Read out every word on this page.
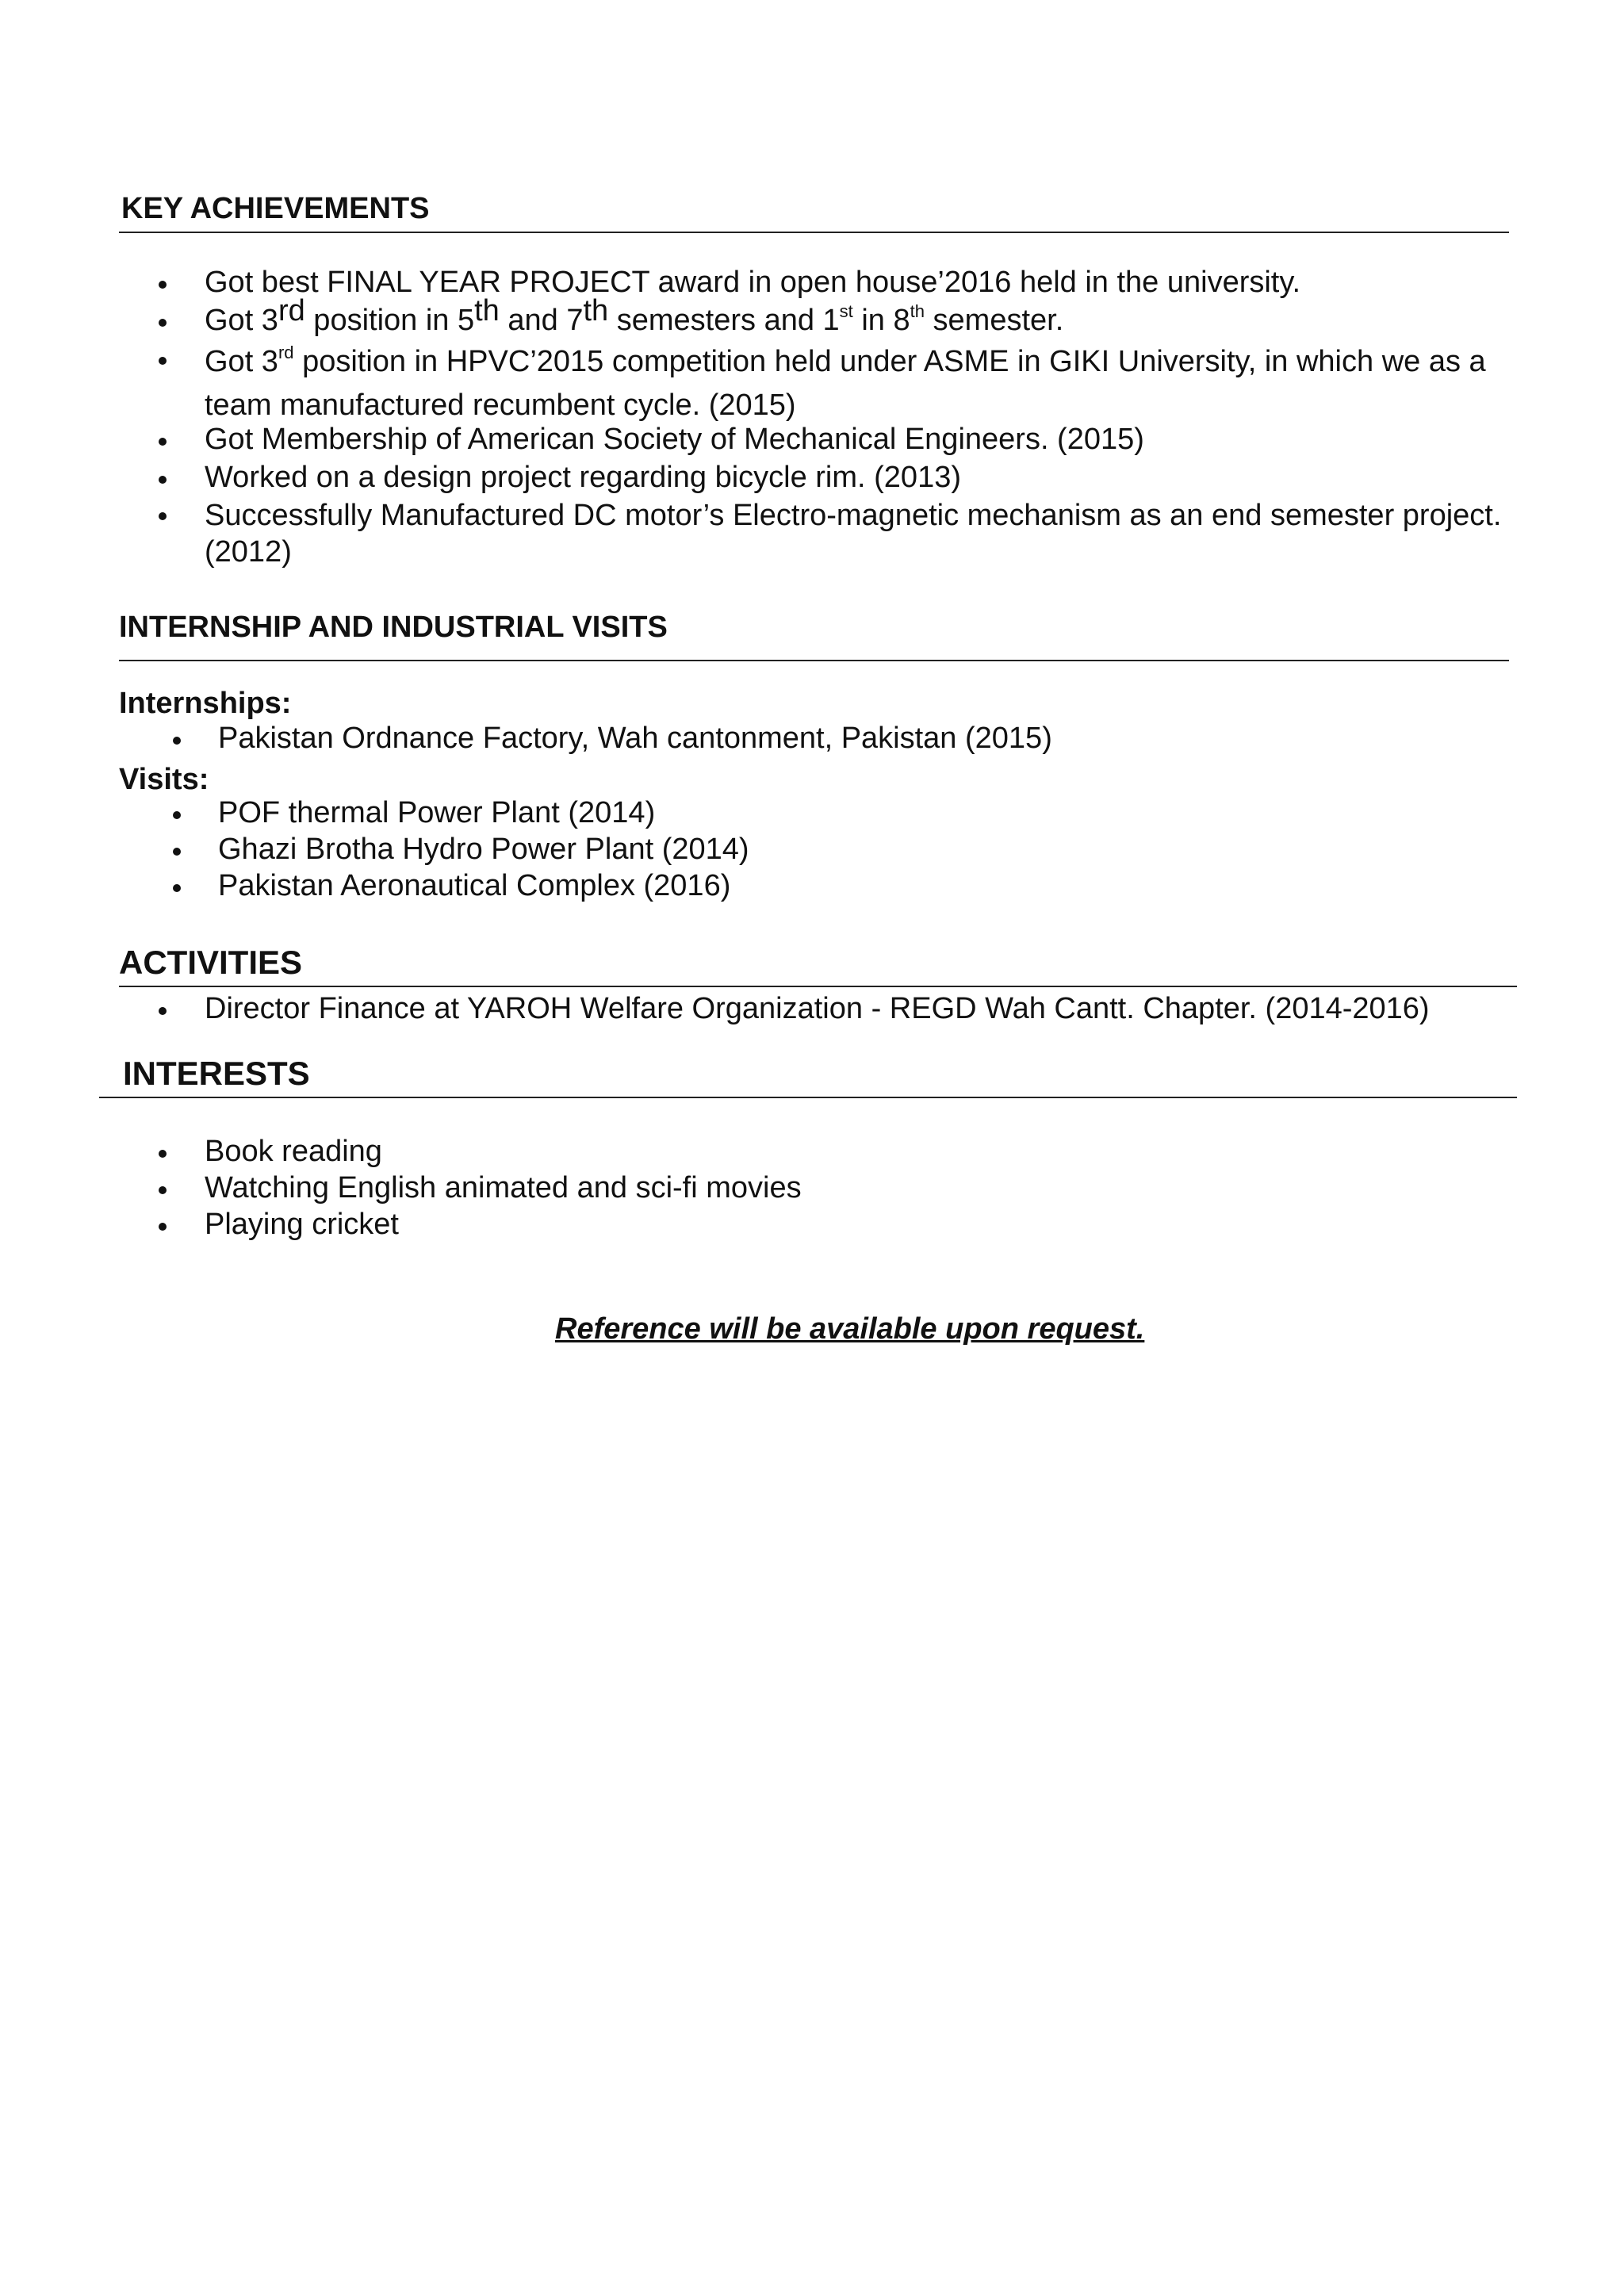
KEY ACHIEVEMENTS
Got best FINAL YEAR PROJECT award in open house’2016 held in the university.
Got 3rd position in 5th and 7th semesters and 1st in 8th semester.
Got 3rd position in HPVC’2015 competition held under ASME in GIKI University, in which we as a team manufactured recumbent cycle. (2015)
Got Membership of American Society of Mechanical Engineers. (2015)
Worked on a design project regarding bicycle rim. (2013)
Successfully Manufactured DC motor’s Electro-magnetic mechanism as an end semester project. (2012)
INTERNSHIP AND INDUSTRIAL VISITS
Internships:
Pakistan Ordnance Factory, Wah cantonment, Pakistan (2015)
Visits:
POF thermal Power Plant (2014)
Ghazi Brotha Hydro Power Plant (2014)
Pakistan Aeronautical Complex (2016)
ACTIVITIES
Director Finance at YAROH Welfare Organization - REGD Wah Cantt. Chapter. (2014-2016)
INTERESTS
Book reading
Watching English animated and sci-fi movies
Playing cricket
Reference will be available upon request.
